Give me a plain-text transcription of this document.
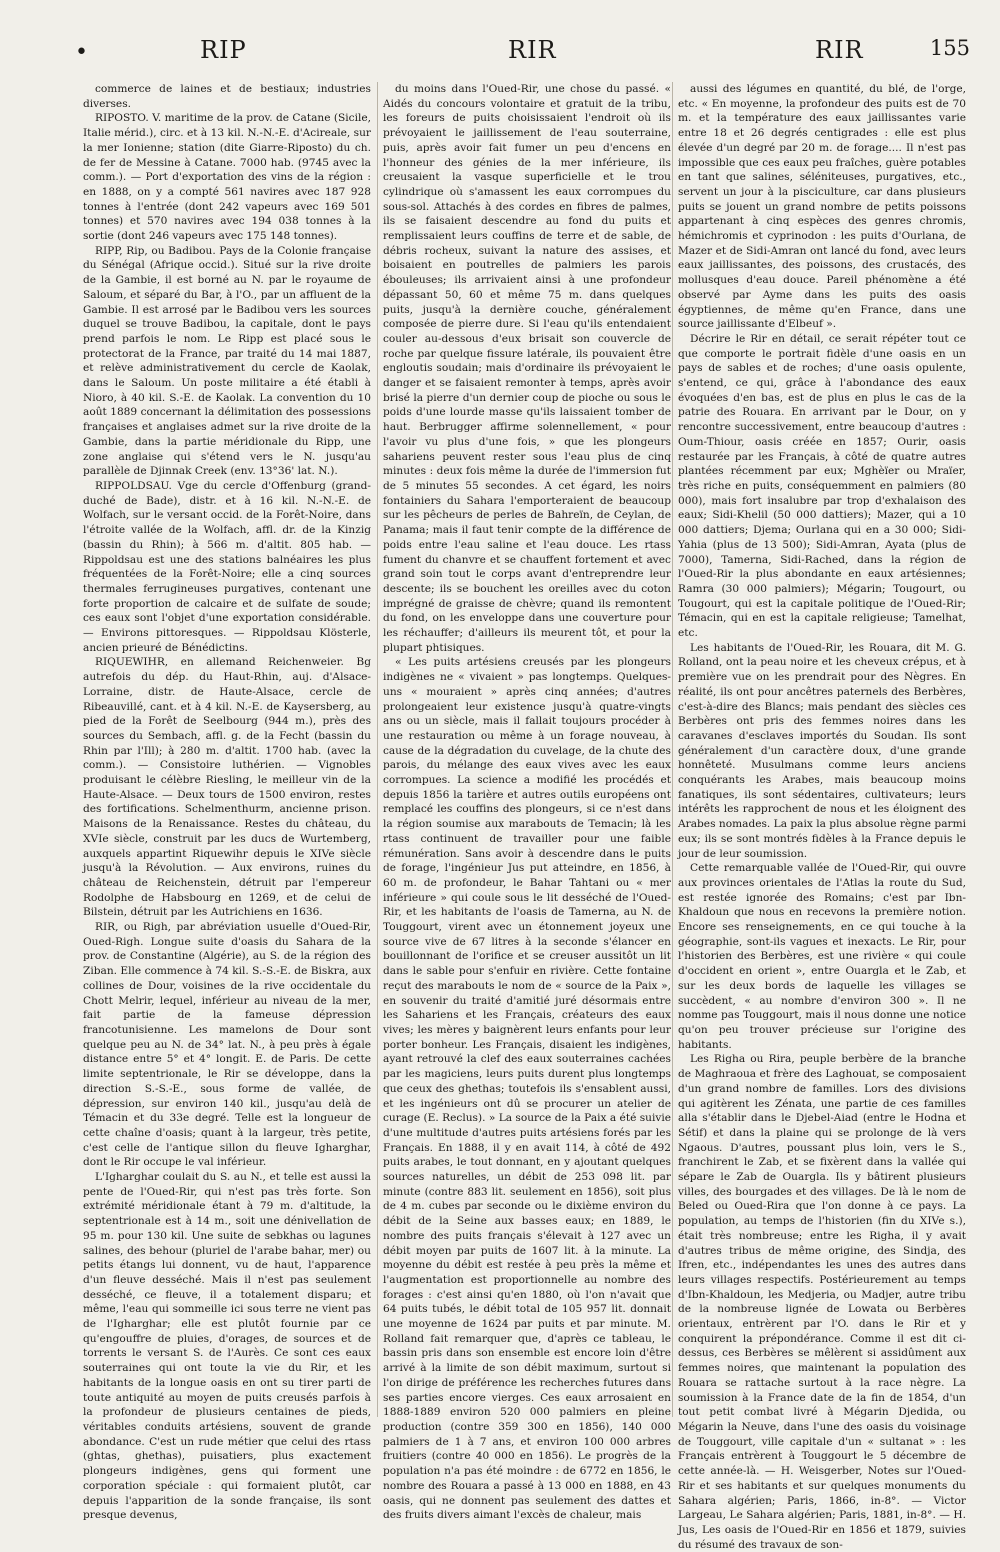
•	RIP	RIR	RIR	155

commerce de laines et de bestiaux; industries diverses.

RIPOSTO. V. maritime de la prov. de Catane (Sicile, Italie mérid.), circ. et à 13 kil. N.-N.-E. d'Acireale, sur la mer Ionienne; station (dite Giarre-Riposto) du ch. de fer de Messine à Catane. 7000 hab. (9745 avec la comm.). — Port d'exportation des vins de la région : en 1888, on y a compté 561 navires avec 187 928 tonnes à l'entrée (dont 242 vapeurs avec 169 501 tonnes) et 570 navires avec 194 038 tonnes à la sortie (dont 246 vapeurs avec 175 148 tonnes).

RIPP, Rip, ou Badibou. Pays de la Colonie française du Sénégal (Afrique occid.). Situé sur la rive droite de la Gambie, il est borné au N. par le royaume de Saloum, et séparé du Bar, à l'O., par un affluent de la Gambie. Il est arrosé par le Badibou vers les sources duquel se trouve Badibou, la capitale, dont le pays prend parfois le nom. Le Ripp est placé sous le protectorat de la France, par traité du 14 mai 1887, et relève administrativement du cercle de Kaolak, dans le Saloum. Un poste militaire a été établi à Nioro, à 40 kil. S.-E. de Kaolak. La convention du 10 août 1889 concernant la délimitation des possessions françaises et anglaises admet sur la rive droite de la Gambie, dans la partie méridionale du Ripp, une zone anglaise qui s'étend vers le N. jusqu'au parallèle de Djinnak Creek (env. 13°36' lat. N.).

RIPPOLDSAU. Vge du cercle d'Offenburg (grand-duché de Bade), distr. et à 16 kil. N.-N.-E. de Wolfach, sur le versant occid. de la Forêt-Noire, dans l'étroite vallée de la Wolfach, affl. dr. de la Kinzig (bassin du Rhin); à 566 m. d'altit. 805 hab. — Rippoldsau est une des stations balnéaires les plus fréquentées de la Forêt-Noire; elle a cinq sources thermales ferrugineuses purgatives, contenant une forte proportion de calcaire et de sulfate de soude; ces eaux sont l'objet d'une exportation considérable. — Environs pittoresques. — Rippoldsau Klösterle, ancien prieuré de Bénédictins.

RIQUEWIHR, en allemand Reichenweier. Bg autrefois du dép. du Haut-Rhin, auj. d'Alsace-Lorraine, distr. de Haute-Alsace, cercle de Ribeauvillé, cant. et à 4 kil. N.-E. de Kaysersberg, au pied de la Forêt de Seelbourg (944 m.), près des sources du Sembach, affl. g. de la Fecht (bassin du Rhin par l'Ill); à 280 m. d'altit. 1700 hab. (avec la comm.). — Consistoire luthérien. — Vignobles produisant le célèbre Riesling, le meilleur vin de la Haute-Alsace. — Deux tours de 1500 environ, restes des fortifications. Schelmenthurm, ancienne prison. Maisons de la Renaissance. Restes du château, du XVIe siècle, construit par les ducs de Wurtemberg, auxquels appartint Riquewihr depuis le XIVe siècle jusqu'à la Révolution. — Aux environs, ruines du château de Reichenstein, détruit par l'empereur Rodolphe de Habsbourg en 1269, et de celui de Bilstein, détruit par les Autrichiens en 1636.

RIR, ou Righ, par abréviation usuelle d'Oued-Rir, Oued-Righ. Longue suite d'oasis du Sahara de la prov. de Constantine (Algérie), au S. de la région des Ziban. Elle commence à 74 kil. S.-S.-E. de Biskra, aux collines de Dour, voisines de la rive occidentale du Chott Melrir, lequel, inférieur au niveau de la mer, fait partie de la fameuse dépression francotunisienne. Les mamelons de Dour sont quelque peu au N. de 34° lat. N., à peu près à égale distance entre 5° et 4° longit. E. de Paris. De cette limite septentrionale, le Rir se développe, dans la direction S.-S.-E., sous forme de vallée, de dépression, sur environ 140 kil., jusqu'au delà de Témacin et du 33e degré. Telle est la longueur de cette chaîne d'oasis; quant à la largeur, très petite, c'est celle de l'antique sillon du fleuve Igharghar, dont le Rir occupe le val inférieur.

L'Igharghar coulait du S. au N., et telle est aussi la pente de l'Oued-Rir, qui n'est pas très forte. Son extrémité méridionale étant à 79 m. d'altitude, la septentrionale est à 14 m., soit une dénivellation de 95 m. pour 130 kil. Une suite de sebkhas ou lagunes salines, des behour (pluriel de l'arabe bahar, mer) ou petits étangs lui donnent, vu de haut, l'apparence d'un fleuve desséché. Mais il n'est pas seulement desséché, ce fleuve, il a totalement disparu; et même, l'eau qui sommeille ici sous terre ne vient pas de l'Igharghar; elle est plutôt fournie par ce qu'engouffre de pluies, d'orages, de sources et de torrents le versant S. de l'Aurès. Ce sont ces eaux souterraines qui ont toute la vie du Rir, et les habitants de la longue oasis en ont su tirer parti de toute antiquité au moyen de puits creusés parfois à la profondeur de plusieurs centaines de pieds, véritables conduits artésiens, souvent de grande abondance. C'est un rude métier que celui des rtass (ghtas, ghethas), puisatiers, plus exactement plongeurs indigènes, gens qui forment une corporation spéciale : qui formaient plutôt, car depuis l'apparition de la sonde française, ils sont presque devenus,

du moins dans l'Oued-Rir, une chose du passé. « Aidés du concours volontaire et gratuit de la tribu, les foreurs de puits choisissaient l'endroit où ils prévoyaient le jaillissement de l'eau souterraine, puis, après avoir fait fumer un peu d'encens en l'honneur des génies de la mer inférieure, ils creusaient la vasque superficielle et le trou cylindrique où s'amassent les eaux corrompues du sous-sol. Attachés à des cordes en fibres de palmes, ils se faisaient descendre au fond du puits et remplissaient leurs couffins de terre et de sable, de débris rocheux, suivant la nature des assises, et boisaient en poutrelles de palmiers les parois ébouleuses; ils arrivaient ainsi à une profondeur dépassant 50, 60 et même 75 m. dans quelques puits, jusqu'à la dernière couche, généralement composée de pierre dure. Si l'eau qu'ils entendaient couler au-dessous d'eux brisait son couvercle de roche par quelque fissure latérale, ils pouvaient être engloutis soudain; mais d'ordinaire ils prévoyaient le danger et se faisaient remonter à temps, après avoir brisé la pierre d'un dernier coup de pioche ou sous le poids d'une lourde masse qu'ils laissaient tomber de haut. Berbrugger affirme solennellement, « pour l'avoir vu plus d'une fois, » que les plongeurs sahariens peuvent rester sous l'eau plus de cinq minutes : deux fois même la durée de l'immersion fut de 5 minutes 55 secondes. A cet égard, les noirs fontainiers du Sahara l'emporteraient de beaucoup sur les pêcheurs de perles de Bahreïn, de Ceylan, de Panama; mais il faut tenir compte de la différence de poids entre l'eau saline et l'eau douce. Les rtass fument du chanvre et se chauffent fortement et avec grand soin tout le corps avant d'entreprendre leur descente; ils se bouchent les oreilles avec du coton imprégné de graisse de chèvre; quand ils remontent du fond, on les enveloppe dans une couverture pour les réchauffer; d'ailleurs ils meurent tôt, et pour la plupart phtisiques.

« Les puits artésiens creusés par les plongeurs indigènes ne « vivaient » pas longtemps. Quelques-uns « mouraient » après cinq années; d'autres prolongeaient leur existence jusqu'à quatre-vingts ans ou un siècle, mais il fallait toujours procéder à une restauration ou même à un forage nouveau, à cause de la dégradation du cuvelage, de la chute des parois, du mélange des eaux vives avec les eaux corrompues. La science a modifié les procédés et depuis 1856 la tarière et autres outils européens ont remplacé les couffins des plongeurs, si ce n'est dans la région soumise aux marabouts de Temacin; là les rtass continuent de travailler pour une faible rémunération. Sans avoir à descendre dans le puits de forage, l'ingénieur Jus put atteindre, en 1856, à 60 m. de profondeur, le Bahar Tahtani ou « mer inférieure » qui coule sous le lit desséché de l'Oued-Rir, et les habitants de l'oasis de Tamerna, au N. de Touggourt, virent avec un étonnement joyeux une source vive de 67 litres à la seconde s'élancer en bouillonnant de l'orifice et se creuser aussitôt un lit dans le sable pour s'enfuir en rivière. Cette fontaine reçut des marabouts le nom de « source de la Paix », en souvenir du traité d'amitié juré désormais entre les Sahariens et les Français, créateurs des eaux vives; les mères y baignèrent leurs enfants pour leur porter bonheur. Les Français, disaient les indigènes, ayant retrouvé la clef des eaux souterraines cachées par les magiciens, leurs puits durent plus longtemps que ceux des ghethas; toutefois ils s'ensablent aussi, et les ingénieurs ont dû se procurer un atelier de curage (E. Reclus). » La source de la Paix a été suivie d'une multitude d'autres puits artésiens forés par les Français. En 1888, il y en avait 114, à côté de 492 puits arabes, le tout donnant, en y ajoutant quelques sources naturelles, un débit de 253 098 lit. par minute (contre 883 lit. seulement en 1856), soit plus de 4 m. cubes par seconde ou le dixième environ du débit de la Seine aux basses eaux; en 1889, le nombre des puits français s'élevait à 127 avec un débit moyen par puits de 1607 lit. à la minute. La moyenne du débit est restée à peu près la même et l'augmentation est proportionnelle au nombre des forages : c'est ainsi qu'en 1880, où l'on n'avait que 64 puits tubés, le débit total de 105 957 lit. donnait une moyenne de 1624 par puits et par minute. M. Rolland fait remarquer que, d'après ce tableau, le bassin pris dans son ensemble est encore loin d'être arrivé à la limite de son débit maximum, surtout si l'on dirige de préférence les recherches futures dans ses parties encore vierges. Ces eaux arrosaient en 1888-1889 environ 520 000 palmiers en pleine production (contre 359 300 en 1856), 140 000 palmiers de 1 à 7 ans, et environ 100 000 arbres fruitiers (contre 40 000 en 1856). Le progrès de la population n'a pas été moindre : de 6772 en 1856, le nombre des Rouara a passé à 13 000 en 1888, en 43 oasis, qui ne donnent pas seulement des dattes et des fruits divers aimant l'excès de chaleur, mais

aussi des légumes en quantité, du blé, de l'orge, etc. « En moyenne, la profondeur des puits est de 70 m. et la température des eaux jaillissantes varie entre 18 et 26 degrés centigrades : elle est plus élevée d'un degré par 20 m. de forage.... Il n'est pas impossible que ces eaux peu fraîches, guère potables en tant que salines, séléniteuses, purgatives, etc., servent un jour à la pisciculture, car dans plusieurs puits se jouent un grand nombre de petits poissons appartenant à cinq espèces des genres chromis, hémichromis et cyprinodon : les puits d'Ourlana, de Mazer et de Sidi-Amran ont lancé du fond, avec leurs eaux jaillissantes, des poissons, des crustacés, des mollusques d'eau douce. Pareil phénomène a été observé par Ayme dans les puits des oasis égyptiennes, de même qu'en France, dans une source jaillissante d'Elbeuf ».

Décrire le Rir en détail, ce serait répéter tout ce que comporte le portrait fidèle d'une oasis en un pays de sables et de roches; d'une oasis opulente, s'entend, ce qui, grâce à l'abondance des eaux évoquées d'en bas, est de plus en plus le cas de la patrie des Rouara. En arrivant par le Dour, on y rencontre successivement, entre beaucoup d'autres : Oum-Thiour, oasis créée en 1857; Ourir, oasis restaurée par les Français, à côté de quatre autres plantées récemment par eux; Mghèïer ou Mraïer, très riche en puits, conséquemment en palmiers (80 000), mais fort insalubre par trop d'exhalaison des eaux; Sidi-Khelil (50 000 dattiers); Mazer, qui a 10 000 dattiers; Djema; Ourlana qui en a 30 000; Sidi-Yahia (plus de 13 500); Sidi-Amran, Ayata (plus de 7000), Tamerna, Sidi-Rached, dans la région de l'Oued-Rir la plus abondante en eaux artésiennes; Ramra (30 000 palmiers); Mégarin; Tougourt, ou Tougourt, qui est la capitale politique de l'Oued-Rir; Témacin, qui en est la capitale religieuse; Tamelhat, etc.

Les habitants de l'Oued-Rir, les Rouara, dit M. G. Rolland, ont la peau noire et les cheveux crépus, et à première vue on les prendrait pour des Nègres. En réalité, ils ont pour ancêtres paternels des Berbères, c'est-à-dire des Blancs; mais pendant des siècles ces Berbères ont pris des femmes noires dans les caravanes d'esclaves importés du Soudan. Ils sont généralement d'un caractère doux, d'une grande honnêteté. Musulmans comme leurs anciens conquérants les Arabes, mais beaucoup moins fanatiques, ils sont sédentaires, cultivateurs; leurs intérêts les rapprochent de nous et les éloignent des Arabes nomades. La paix la plus absolue règne parmi eux; ils se sont montrés fidèles à la France depuis le jour de leur soumission.

Cette remarquable vallée de l'Oued-Rir, qui ouvre aux provinces orientales de l'Atlas la route du Sud, est restée ignorée des Romains; c'est par Ibn-Khaldoun que nous en recevons la première notion. Encore ses renseignements, en ce qui touche à la géographie, sont-ils vagues et inexacts. Le Rir, pour l'historien des Berbères, est une rivière « qui coule d'occident en orient », entre Ouargla et le Zab, et sur les deux bords de laquelle les villages se succèdent, « au nombre d'environ 300 ». Il ne nomme pas Touggourt, mais il nous donne une notice qu'on peu trouver précieuse sur l'origine des habitants.

Les Righa ou Rira, peuple berbère de la branche de Maghraoua et frère des Laghouat, se composaient d'un grand nombre de familles. Lors des divisions qui agitèrent les Zénata, une partie de ces familles alla s'établir dans le Djebel-Aiad (entre le Hodna et Sétif) et dans la plaine qui se prolonge de là vers Ngaous. D'autres, poussant plus loin, vers le S., franchirent le Zab, et se fixèrent dans la vallée qui sépare le Zab de Ouargla. Ils y bâtirent plusieurs villes, des bourgades et des villages. De là le nom de Beled ou Oued-Rira que l'on donne à ce pays. La population, au temps de l'historien (fin du XIVe s.), était très nombreuse; entre les Righa, il y avait d'autres tribus de même origine, des Sindja, des Ifren, etc., indépendantes les unes des autres dans leurs villages respectifs. Postérieurement au temps d'Ibn-Khaldoun, les Medjeria, ou Madjer, autre tribu de la nombreuse lignée de Lowata ou Berbères orientaux, entrèrent par l'O. dans le Rir et y conquirent la prépondérance. Comme il est dit ci-dessus, ces Berbères se mêlèrent si assidûment aux femmes noires, que maintenant la population des Rouara se rattache surtout à la race nègre. La soumission à la France date de la fin de 1854, d'un tout petit combat livré à Mégarin Djedida, ou Mégarin la Neuve, dans l'une des oasis du voisinage de Touggourt, ville capitale d'un « sultanat » : les Français entrèrent à Touggourt le 5 décembre de cette année-là. — H. Weisgerber, Notes sur l'Oued-Rir et ses habitants et sur quelques monuments du Sahara algérien; Paris, 1866, in-8°. — Victor Largeau, Le Sahara algérien; Paris, 1881, in-8°. — H. Jus, Les oasis de l'Oued-Rir en 1856 et 1879, suivies du résumé des travaux de son-
